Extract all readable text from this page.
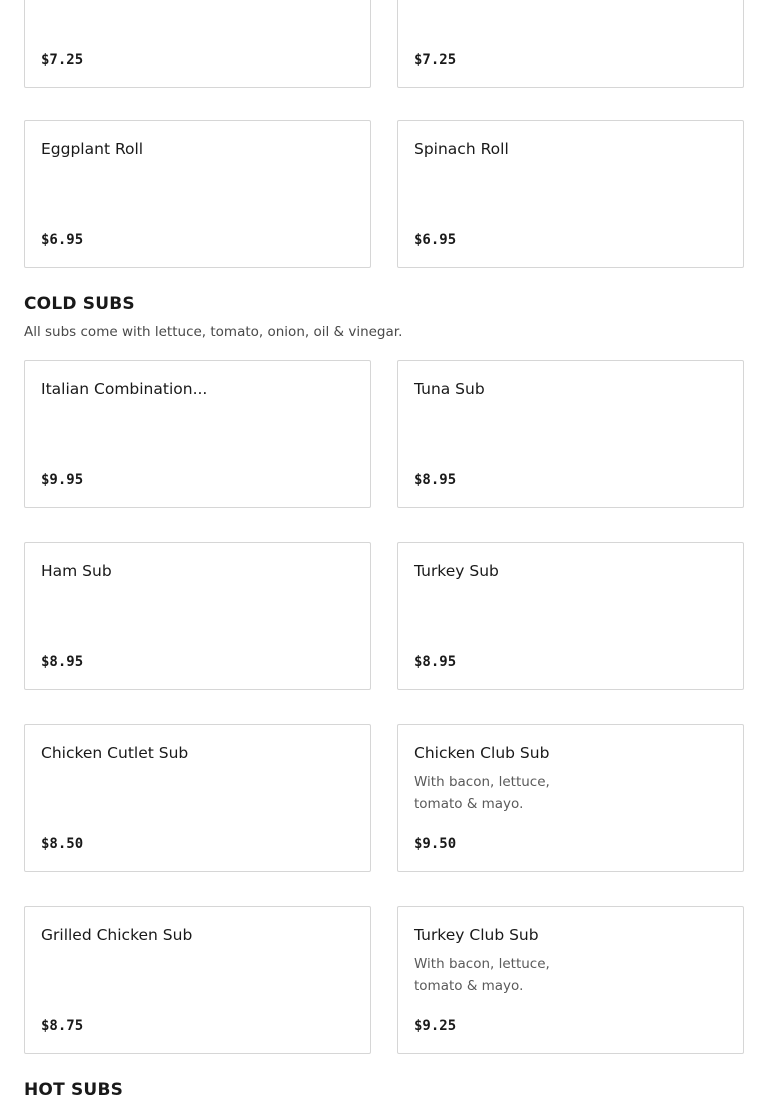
$7.25	$7.25
Eggplant Roll
$6.95
Spinach Roll
$6.95
COLD SUBS

All subs come with lettuce, tomato, onion, oil & vinegar.

Italian Combination...
$9.95
Tuna Sub
$8.95
Ham Sub
$8.95
Turkey Sub
$8.95
Chicken Cutlet Sub
$8.50
Chicken Club Sub
With bacon, lettuce, tomato & mayo.
$9.50
Grilled Chicken Sub
$8.75
Turkey Club Sub
With bacon, lettuce, tomato & mayo.
$9.25
HOT SUBS
